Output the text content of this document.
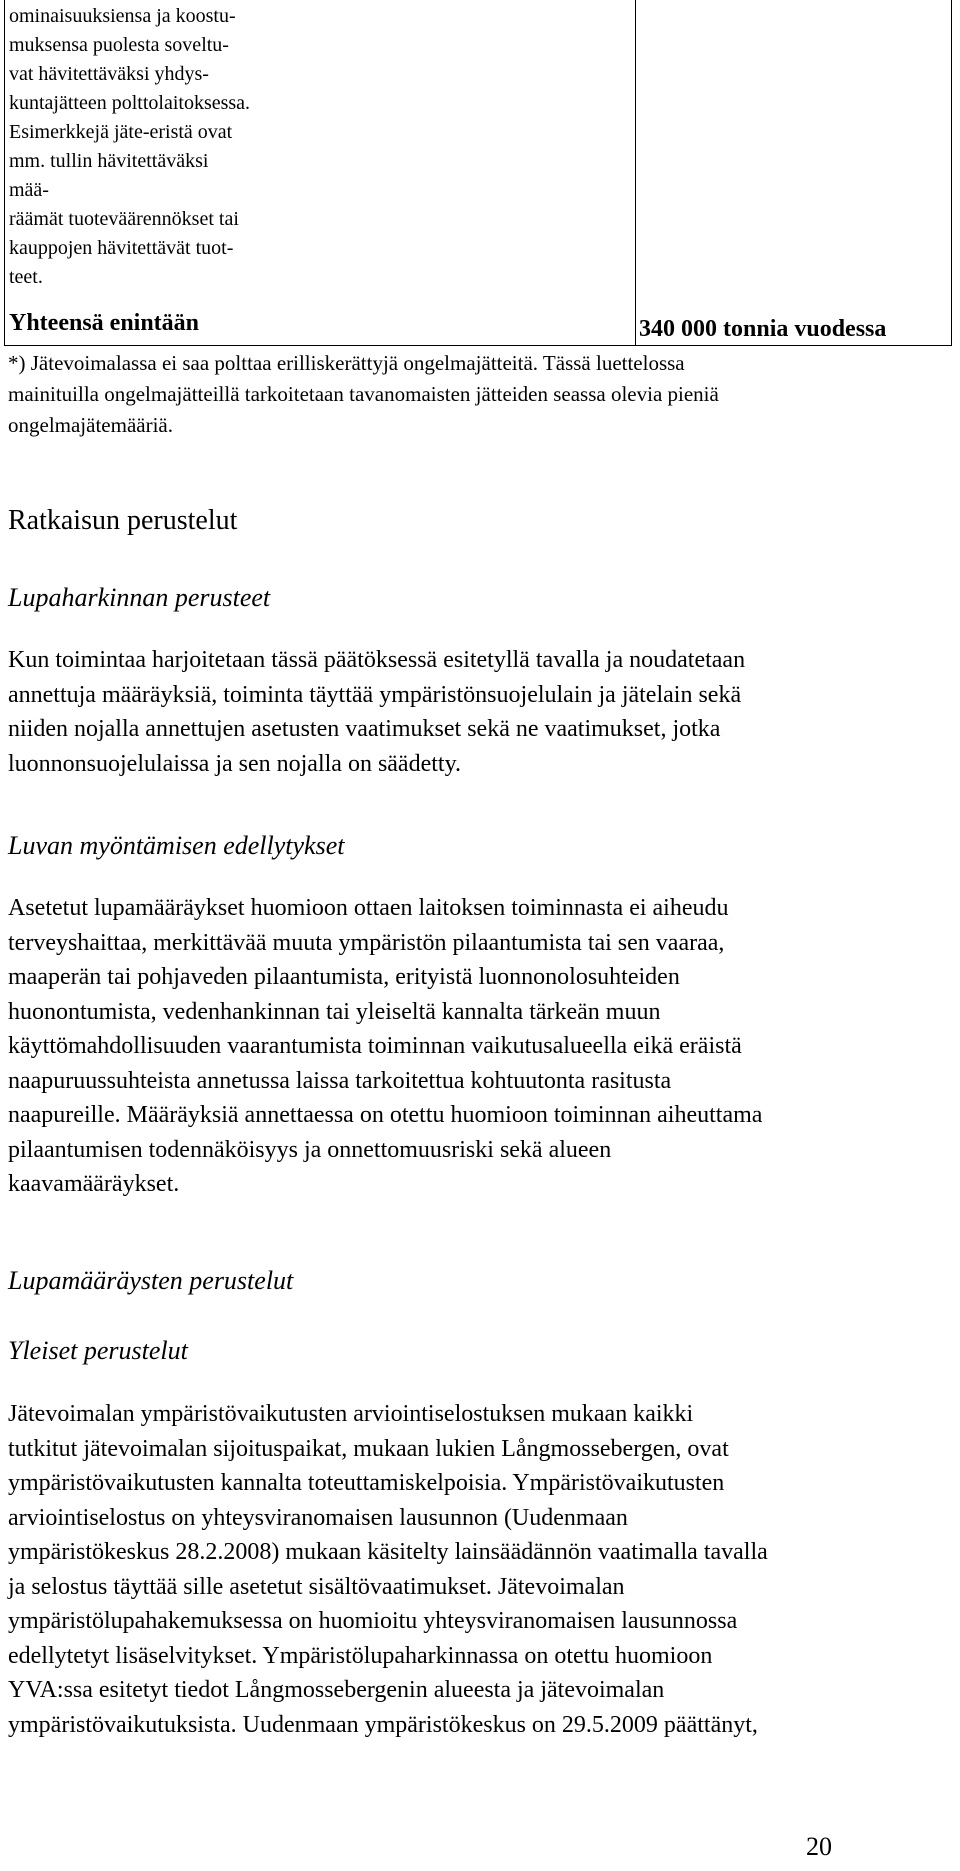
ominaisuuksiensa ja koostu-
muksensa puolesta soveltu-
vat hävitettäväksi yhdys-
kuntajätteen polttolaitoksessa.
Esimerkkejä jäte-eristä ovat
mm. tullin hävitettäväksi
mää-
räämät tuoteväärennökset tai
kauppojen hävitettävät tuot-
teet.
Yhteensä enintään	340 000 tonnia vuodessa
*) Jätevoimalassa ei saa polttaa erilliskerättyjä ongelmajätteitä. Tässä luettelossa
mainituilla ongelmajätteillä tarkoitetaan tavanomaisten jätteiden seassa olevia pieniä
ongelmajätemääriä.
Ratkaisun perustelut
Lupaharkinnan perusteet
Kun toimintaa harjoitetaan tässä päätöksessä esitetyllä tavalla ja noudatetaan
annettuja määräyksiä, toiminta täyttää ympäristönsuojelulain ja jätelain sekä
niiden nojalla annettujen asetusten vaatimukset sekä ne vaatimukset, jotka
luonnonsuojelulaissa ja sen nojalla on säädetty.
Luvan myöntämisen edellytykset
Asetetut lupamääräykset huomioon ottaen laitoksen toiminnasta ei aiheudu
terveyshaittaa, merkittävää muuta ympäristön pilaantumista tai sen vaaraa,
maaperän tai pohjaveden pilaantumista, erityistä luonnonolosuhteiden
huonontumista, vedenhankinnan tai yleiseltä kannalta tärkeän muun
käyttömahdollisuuden vaarantumista toiminnan vaikutusalueella eikä eräistä
naapuruussuhteista annetussa laissa tarkoitettua kohtuutonta rasitusta
naapureille. Määräyksiä annettaessa on otettu huomioon toiminnan aiheuttama
pilaantumisen todennäköisyys ja onnettomuusriski sekä alueen
kaavamääräykset.
Lupamääräysten perustelut
Yleiset perustelut
Jätevoimalan ympäristövaikutusten arviointiselostuksen mukaan kaikki
tutkitut jätevoimalan sijoituspaikat, mukaan lukien Långmossebergen, ovat
ympäristövaikutusten kannalta toteuttamiskelpoisia. Ympäristövaikutusten
arviointiselostus on yhteysviranomaisen lausunnon (Uudenmaan
ympäristökeskus 28.2.2008) mukaan käsitelty lainsäädännön vaatimalla tavalla
ja selostus täyttää sille asetetut sisältövaatimukset. Jätevoimalan
ympäristölupahakemuksessa on huomioitu yhteysviranomaisen lausunnossa
edellytetyt lisäselvitykset. Ympäristölupaharkinnassa on otettu huomioon
YVA:ssa esitetyt tiedot Långmossebergenin alueesta ja jätevoimalan
ympäristövaikutuksista. Uudenmaan ympäristökeskus on 29.5.2009 päättänyt,
20
